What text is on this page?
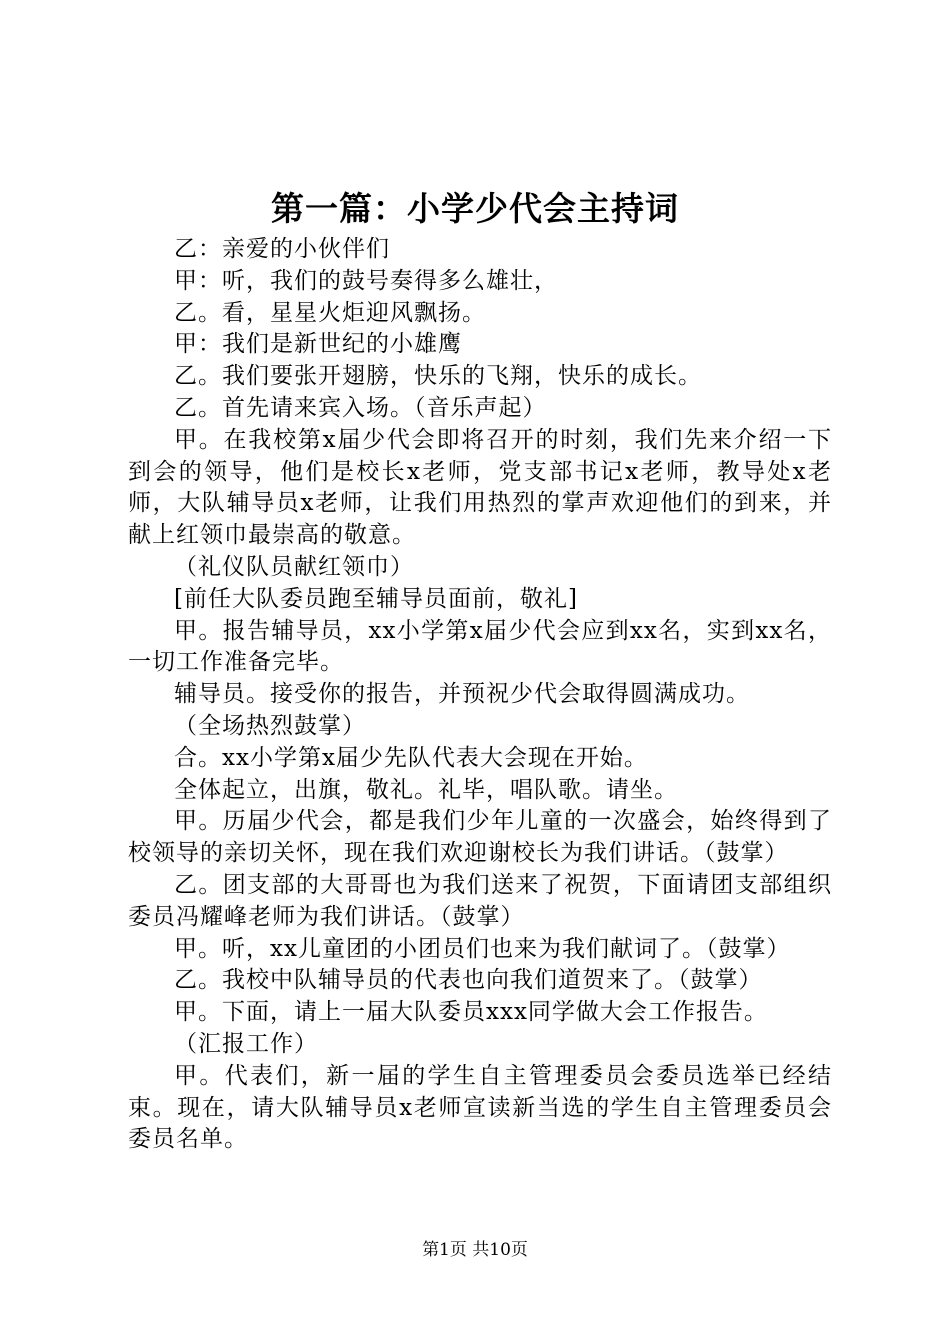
第一篇：小学少代会主持词

乙：亲爱的小伙伴们

甲：听，我们的鼓号奏得多么雄壮，

乙。看，星星火炬迎风飘扬。

甲：我们是新世纪的小雄鹰

乙。我们要张开翅膀，快乐的飞翔，快乐的成长。

乙。首先请来宾入场。（音乐声起）

甲。在我校第x届少代会即将召开的时刻，我们先来介绍一下到会的领导，他们是校长x老师，党支部书记x老师，教导处x老师，大队辅导员x老师，让我们用热烈的掌声欢迎他们的到来，并献上红领巾最崇高的敬意。

（礼仪队员献红领巾）

[前任大队委员跑至辅导员面前，敬礼]

甲。报告辅导员，xx小学第x届少代会应到xx名，实到xx名，一切工作准备完毕。

辅导员。接受你的报告，并预祝少代会取得圆满成功。

（全场热烈鼓掌）

合。xx小学第x届少先队代表大会现在开始。

全体起立，出旗，敬礼。礼毕，唱队歌。请坐。

甲。历届少代会，都是我们少年儿童的一次盛会，始终得到了校领导的亲切关怀，现在我们欢迎谢校长为我们讲话。（鼓掌）

乙。团支部的大哥哥也为我们送来了祝贺，下面请团支部组织委员冯耀峰老师为我们讲话。（鼓掌）

甲。听，xx儿童团的小团员们也来为我们献词了。（鼓掌）

乙。我校中队辅导员的代表也向我们道贺来了。（鼓掌）

甲。下面，请上一届大队委员xxx同学做大会工作报告。

（汇报工作）

甲。代表们，新一届的学生自主管理委员会委员选举已经结束。现在，请大队辅导员x老师宣读新当选的学生自主管理委员会委员名单。

第1页 共10页
